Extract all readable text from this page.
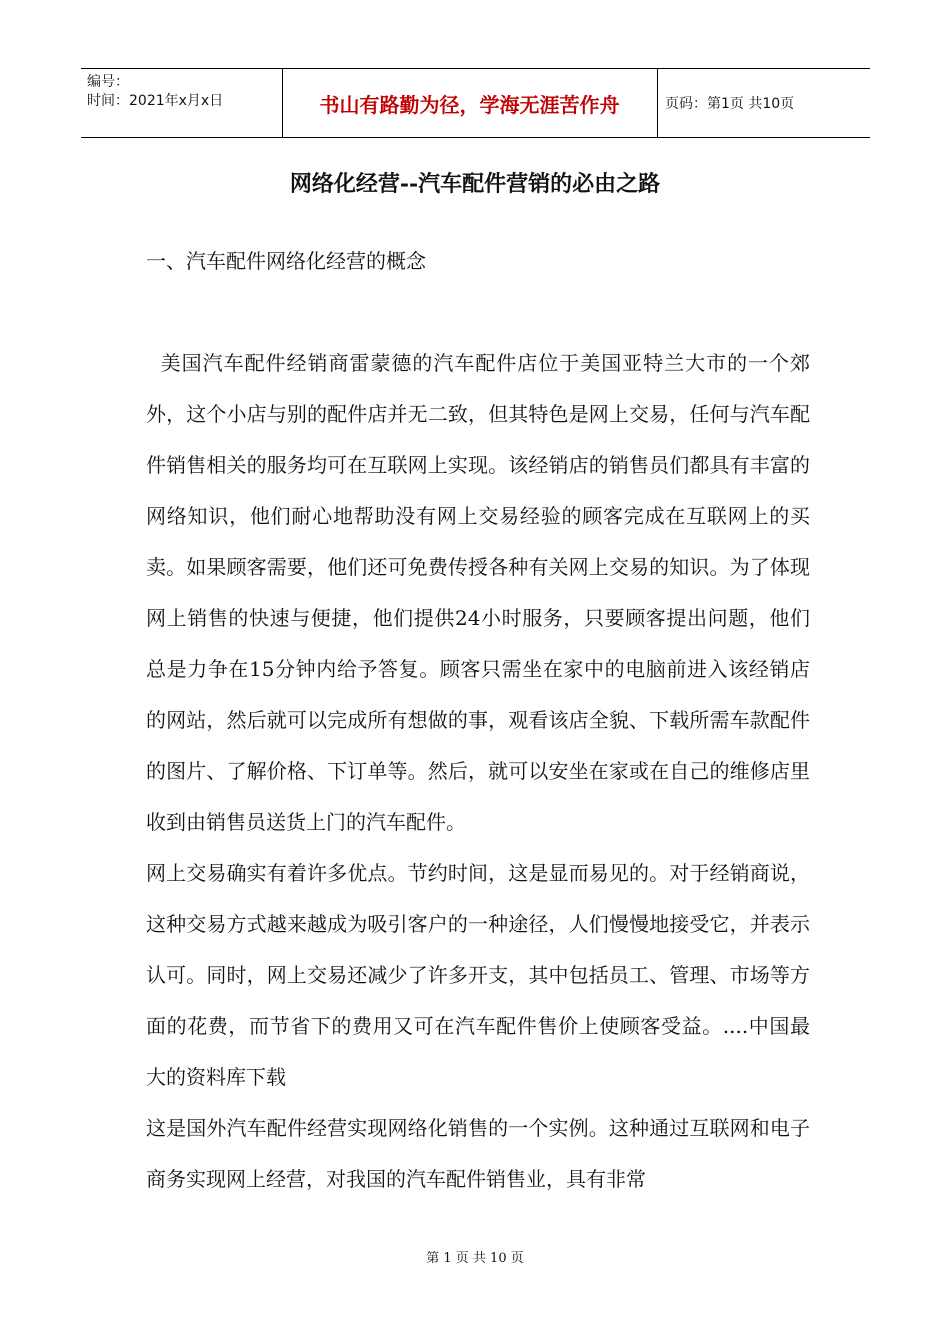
编号：
时间：2021年x月x日	书山有路勤为径，学海无涯苦作舟	页码：第1页 共10页
网络化经营--汽车配件营销的必由之路
一、汽车配件网络化经营的概念

美国汽车配件经销商雷蒙德的汽车配件店位于美国亚特兰大市的一个郊外，这个小店与别的配件店并无二致，但其特色是网上交易，任何与汽车配件销售相关的服务均可在互联网上实现。该经销店的销售员们都具有丰富的网络知识，他们耐心地帮助没有网上交易经验的顾客完成在互联网上的买卖。如果顾客需要，他们还可免费传授各种有关网上交易的知识。为了体现网上销售的快速与便捷，他们提供24小时服务，只要顾客提出问题，他们总是力争在15分钟内给予答复。顾客只需坐在家中的电脑前进入该经销店的网站，然后就可以完成所有想做的事，观看该店全貌、下载所需车款配件的图片、了解价格、下订单等。然后，就可以安坐在家或在自己的维修店里收到由销售员送货上门的汽车配件。

网上交易确实有着许多优点。节约时间，这是显而易见的。对于经销商说，这种交易方式越来越成为吸引客户的一种途径，人们慢慢地接受它，并表示认可。同时，网上交易还减少了许多开支，其中包括员工、管理、市场等方面的花费，而节省下的费用又可在汽车配件售价上使顾客受益。....中国最大的资料库下载

这是国外汽车配件经营实现网络化销售的一个实例。这种通过互联网和电子商务实现网上经营，对我国的汽车配件销售业，具有非常

第 1 页 共 10 页
